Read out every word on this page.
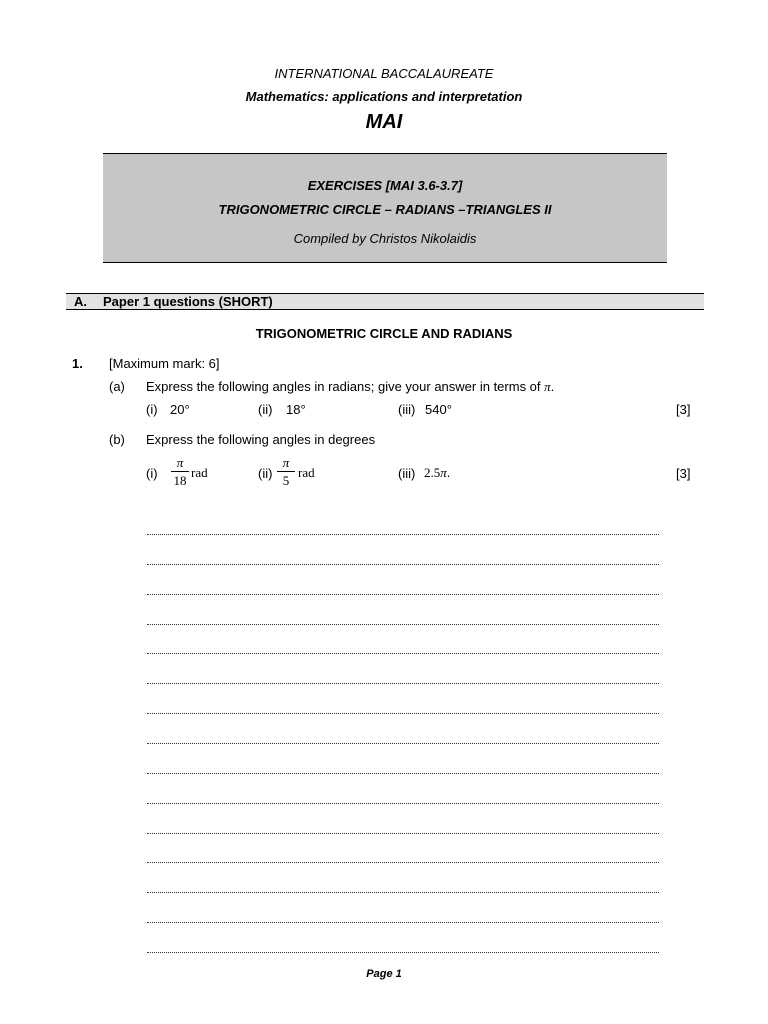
INTERNATIONAL BACCALAUREATE
Mathematics: applications and interpretation
MAI
EXERCISES [MAI 3.6-3.7]
TRIGONOMETRIC CIRCLE – RADIANS –TRIANGLES II
Compiled by Christos Nikolaidis
A. Paper 1 questions (SHORT)
TRIGONOMETRIC CIRCLE AND RADIANS
1. [Maximum mark: 6]
(a) Express the following angles in radians; give your answer in terms of π.
(i) 20°	(ii) 18°	(iii) 540°	[3]
(b) Express the following angles in degrees
(i)
π
18
rad	(ii)
π
5
rad	(iii) 2.5π.	[3]
Page 1
